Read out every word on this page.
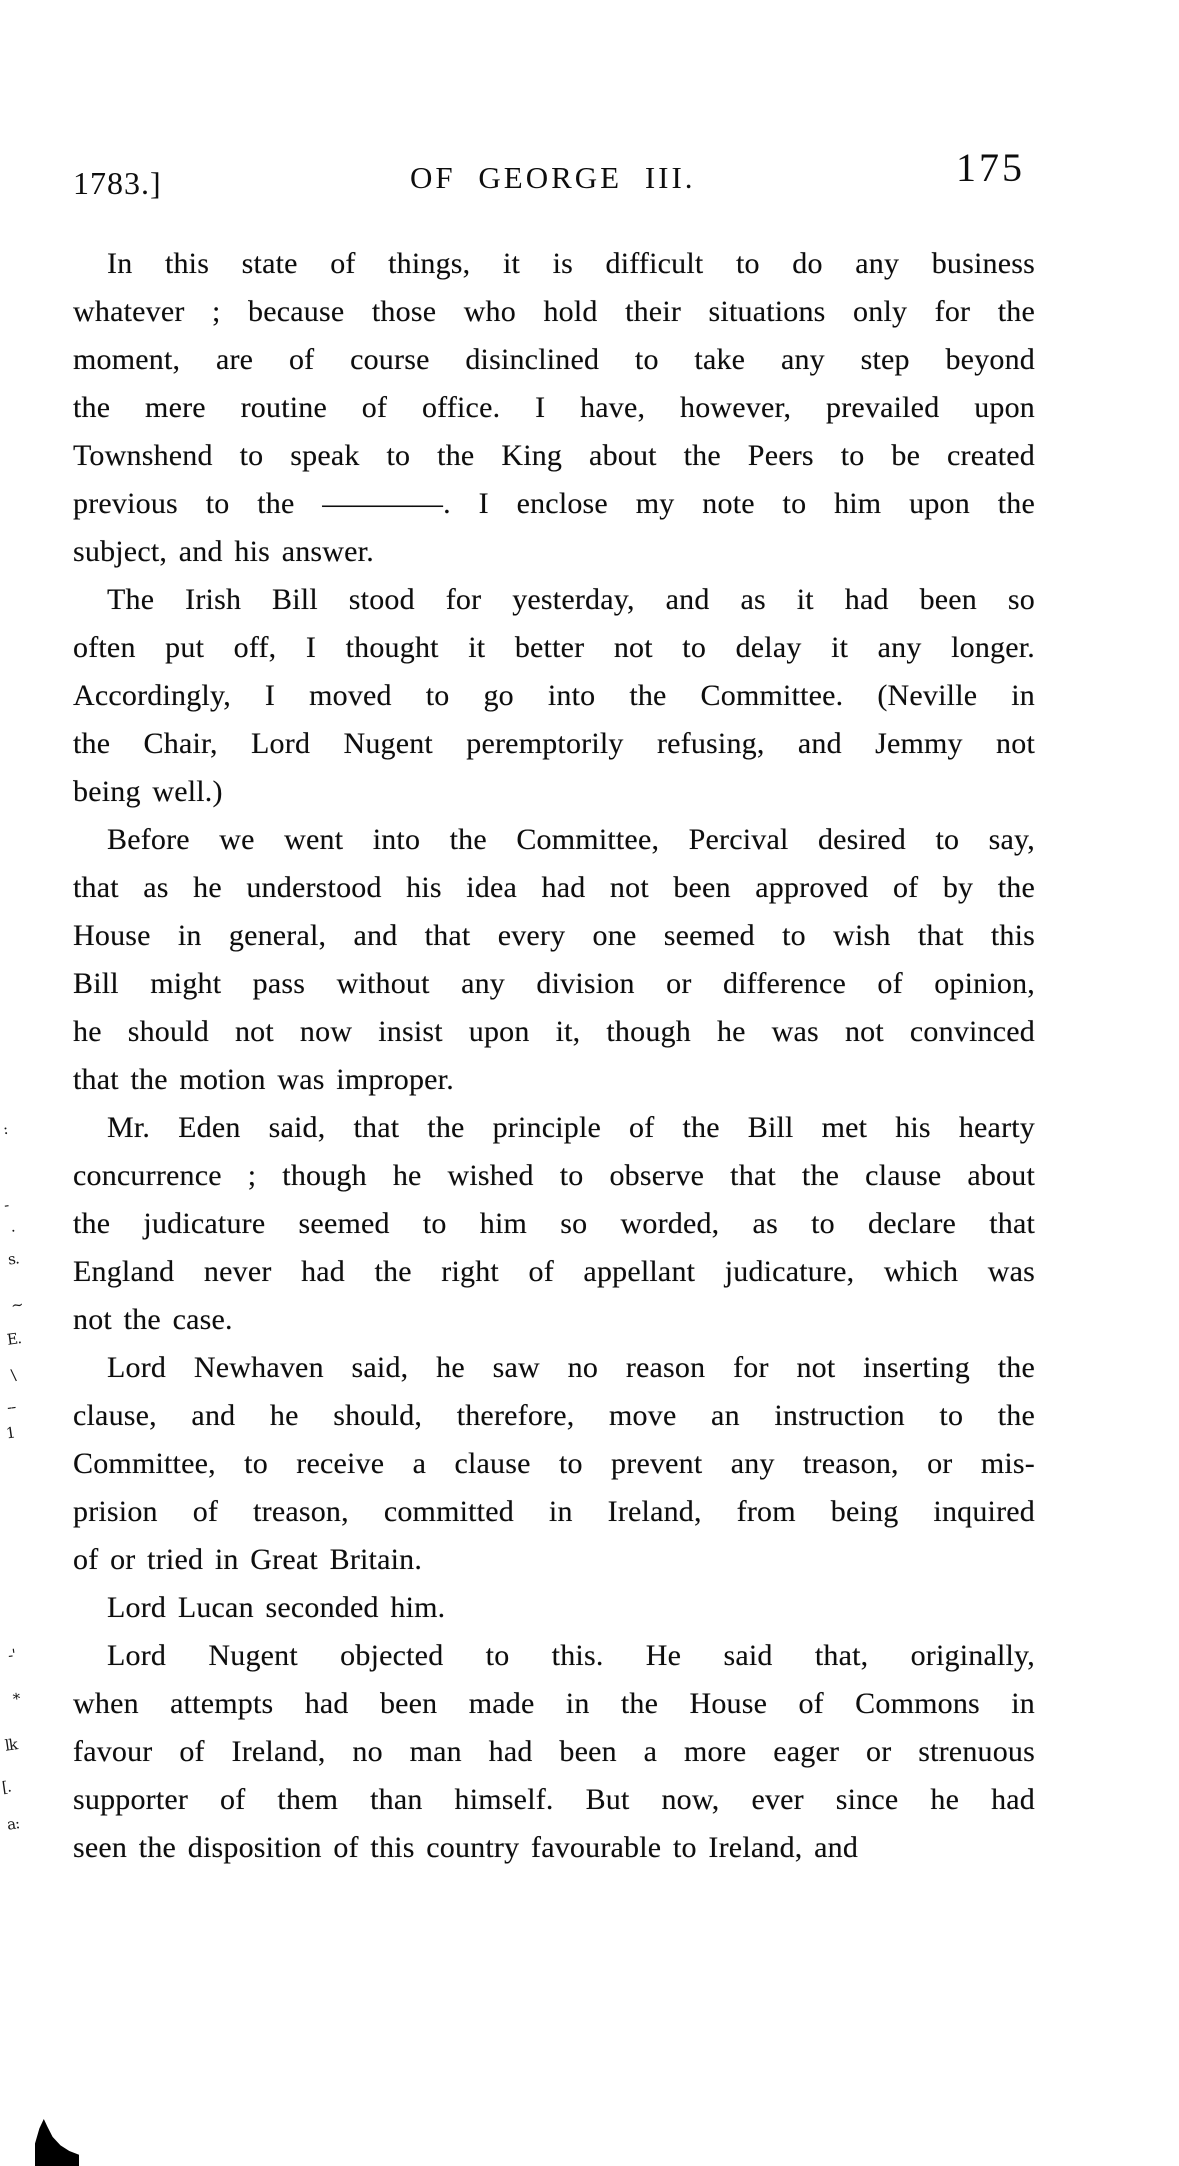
1783.]	OF GEORGE III.	175

In this state of things, it is difficult to do any business
whatever ; because those who hold their situations only for the
moment, are of course disinclined to take any step beyond
the mere routine of office. I have, however, prevailed upon
Townshend to speak to the King about the Peers to be created
previous to the ————. I enclose my note to him upon the
subject, and his answer.

The Irish Bill stood for yesterday, and as it had been so
often put off, I thought it better not to delay it any longer.
Accordingly, I moved to go into the Committee. (Neville in
the Chair, Lord Nugent peremptorily refusing, and Jemmy not
being well.)

Before we went into the Committee, Percival desired to say,
that as he understood his idea had not been approved of by the
House in general, and that every one seemed to wish that this
Bill might pass without any division or difference of opinion,
he should not now insist upon it, though he was not convinced
that the motion was improper.

Mr. Eden said, that the principle of the Bill met his hearty
concurrence ; though he wished to observe that the clause about
the judicature seemed to him so worded, as to declare that
England never had the right of appellant judicature, which was
not the case.

Lord Newhaven said, he saw no reason for not inserting the
clause, and he should, therefore, move an instruction to the
Committee, to receive a clause to prevent any treason, or mis-
prision of treason, committed in Ireland, from being inquired
of or tried in Great Britain.

Lord Lucan seconded him.

Lord Nugent objected to this. He said that, originally,
when attempts had been made in the House of Commons in
favour of Ireland, no man had been a more eager or strenuous
supporter of them than himself. But now, ever since he had
seen the disposition of this country favourable to Ireland, and

:
-
·
s.
~
E.
\
--
1
-'
*
lk
[.
a:
